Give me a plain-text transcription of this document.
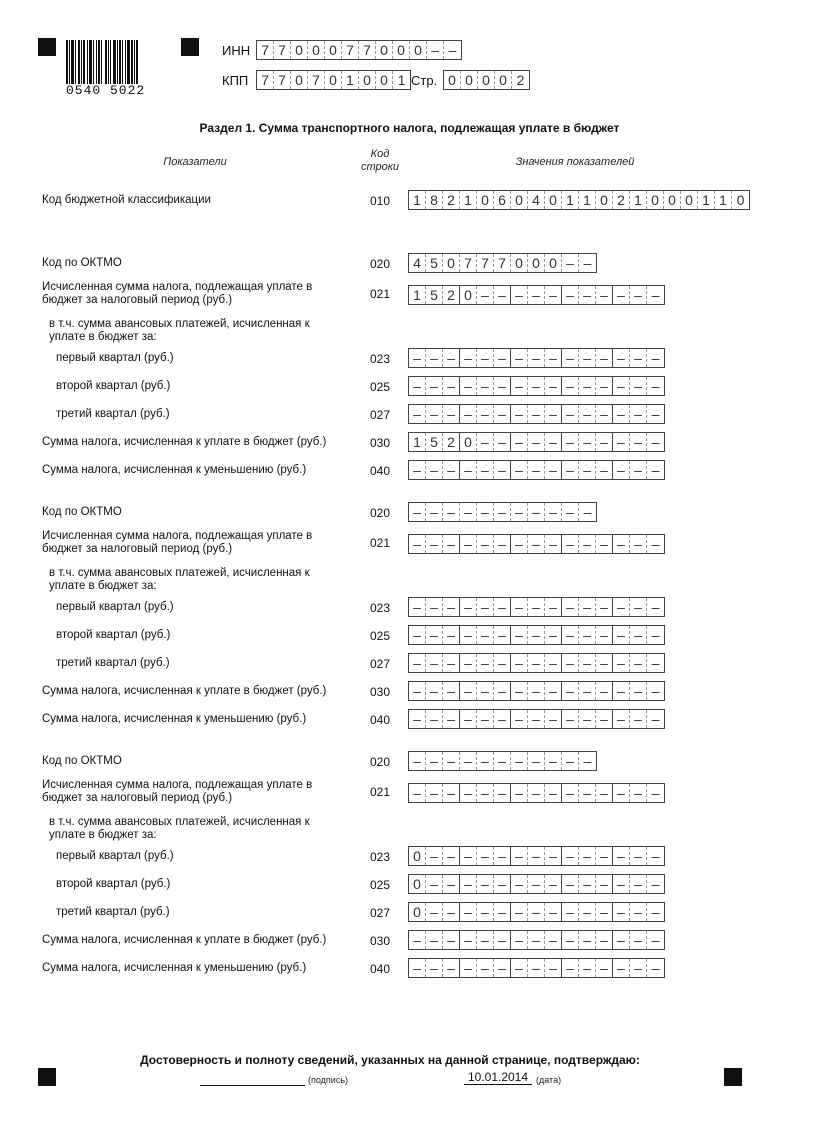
0540 5022
ИНН 7 7 0 0 0 7 7 0 0 0 – –
КПП 7 7 0 7 0 1 0 0 1 Стр. 0 0 0 0 2
Раздел 1. Сумма транспортного налога, подлежащая уплате в бюджет
Показатели
Код
строки	Значения показателей
Код бюджетной классификации	010	1 8 2 1 0 6 0 4 0 1 1 0 2 1 0 0 0 1 1 0
Код по ОКТМО	020	4 5 0 7 7 7 0 0 0 – –
Исчисленная сумма налога, подлежащая уплате в
бюджет за налоговый период (руб.)	021	1 5 2 0 – – – – – – – – – – –
в т.ч. сумма авансовых платежей, исчисленная к
уплате в бюджет за:
первый квартал (руб.)	023	– – – – – – – – – – – – – – –
второй квартал (руб.)	025	– – – – – – – – – – – – – – –
третий квартал (руб.)	027	– – – – – – – – – – – – – – –
Сумма налога, исчисленная к уплате в бюджет (руб.)	030	1 5 2 0 – – – – – – – – – – –
Сумма налога, исчисленная к уменьшению (руб.)	040	– – – – – – – – – – – – – – –
Код по ОКТМО	020	– – – – – – – – – – –
Исчисленная сумма налога, подлежащая уплате в
бюджет за налоговый период (руб.)	021	– – – – – – – – – – – – – – –
в т.ч. сумма авансовых платежей, исчисленная к
уплате в бюджет за:
первый квартал (руб.)	023	– – – – – – – – – – – – – – –
второй квартал (руб.)	025	– – – – – – – – – – – – – – –
третий квартал (руб.)	027	– – – – – – – – – – – – – – –
Сумма налога, исчисленная к уплате в бюджет (руб.)	030	– – – – – – – – – – – – – – –
Сумма налога, исчисленная к уменьшению (руб.)	040	– – – – – – – – – – – – – – –
Код по ОКТМО	020	– – – – – – – – – – –
Исчисленная сумма налога, подлежащая уплате в
бюджет за налоговый период (руб.)	021	– – – – – – – – – – – – – – –
в т.ч. сумма авансовых платежей, исчисленная к
уплате в бюджет за:
первый квартал (руб.)	023	0 – – – – – – – – – – – – – –
второй квартал (руб.)	025	0 – – – – – – – – – – – – – –
третий квартал (руб.)	027	0 – – – – – – – – – – – – – –
Сумма налога, исчисленная к уплате в бюджет (руб.)	030	– – – – – – – – – – – – – – –
Сумма налога, исчисленная к уменьшению (руб.)	040	– – – – – – – – – – – – – – –
Достоверность и полноту сведений, указанных на данной странице, подтверждаю:
(подпись)	10.01.2014 (дата)
